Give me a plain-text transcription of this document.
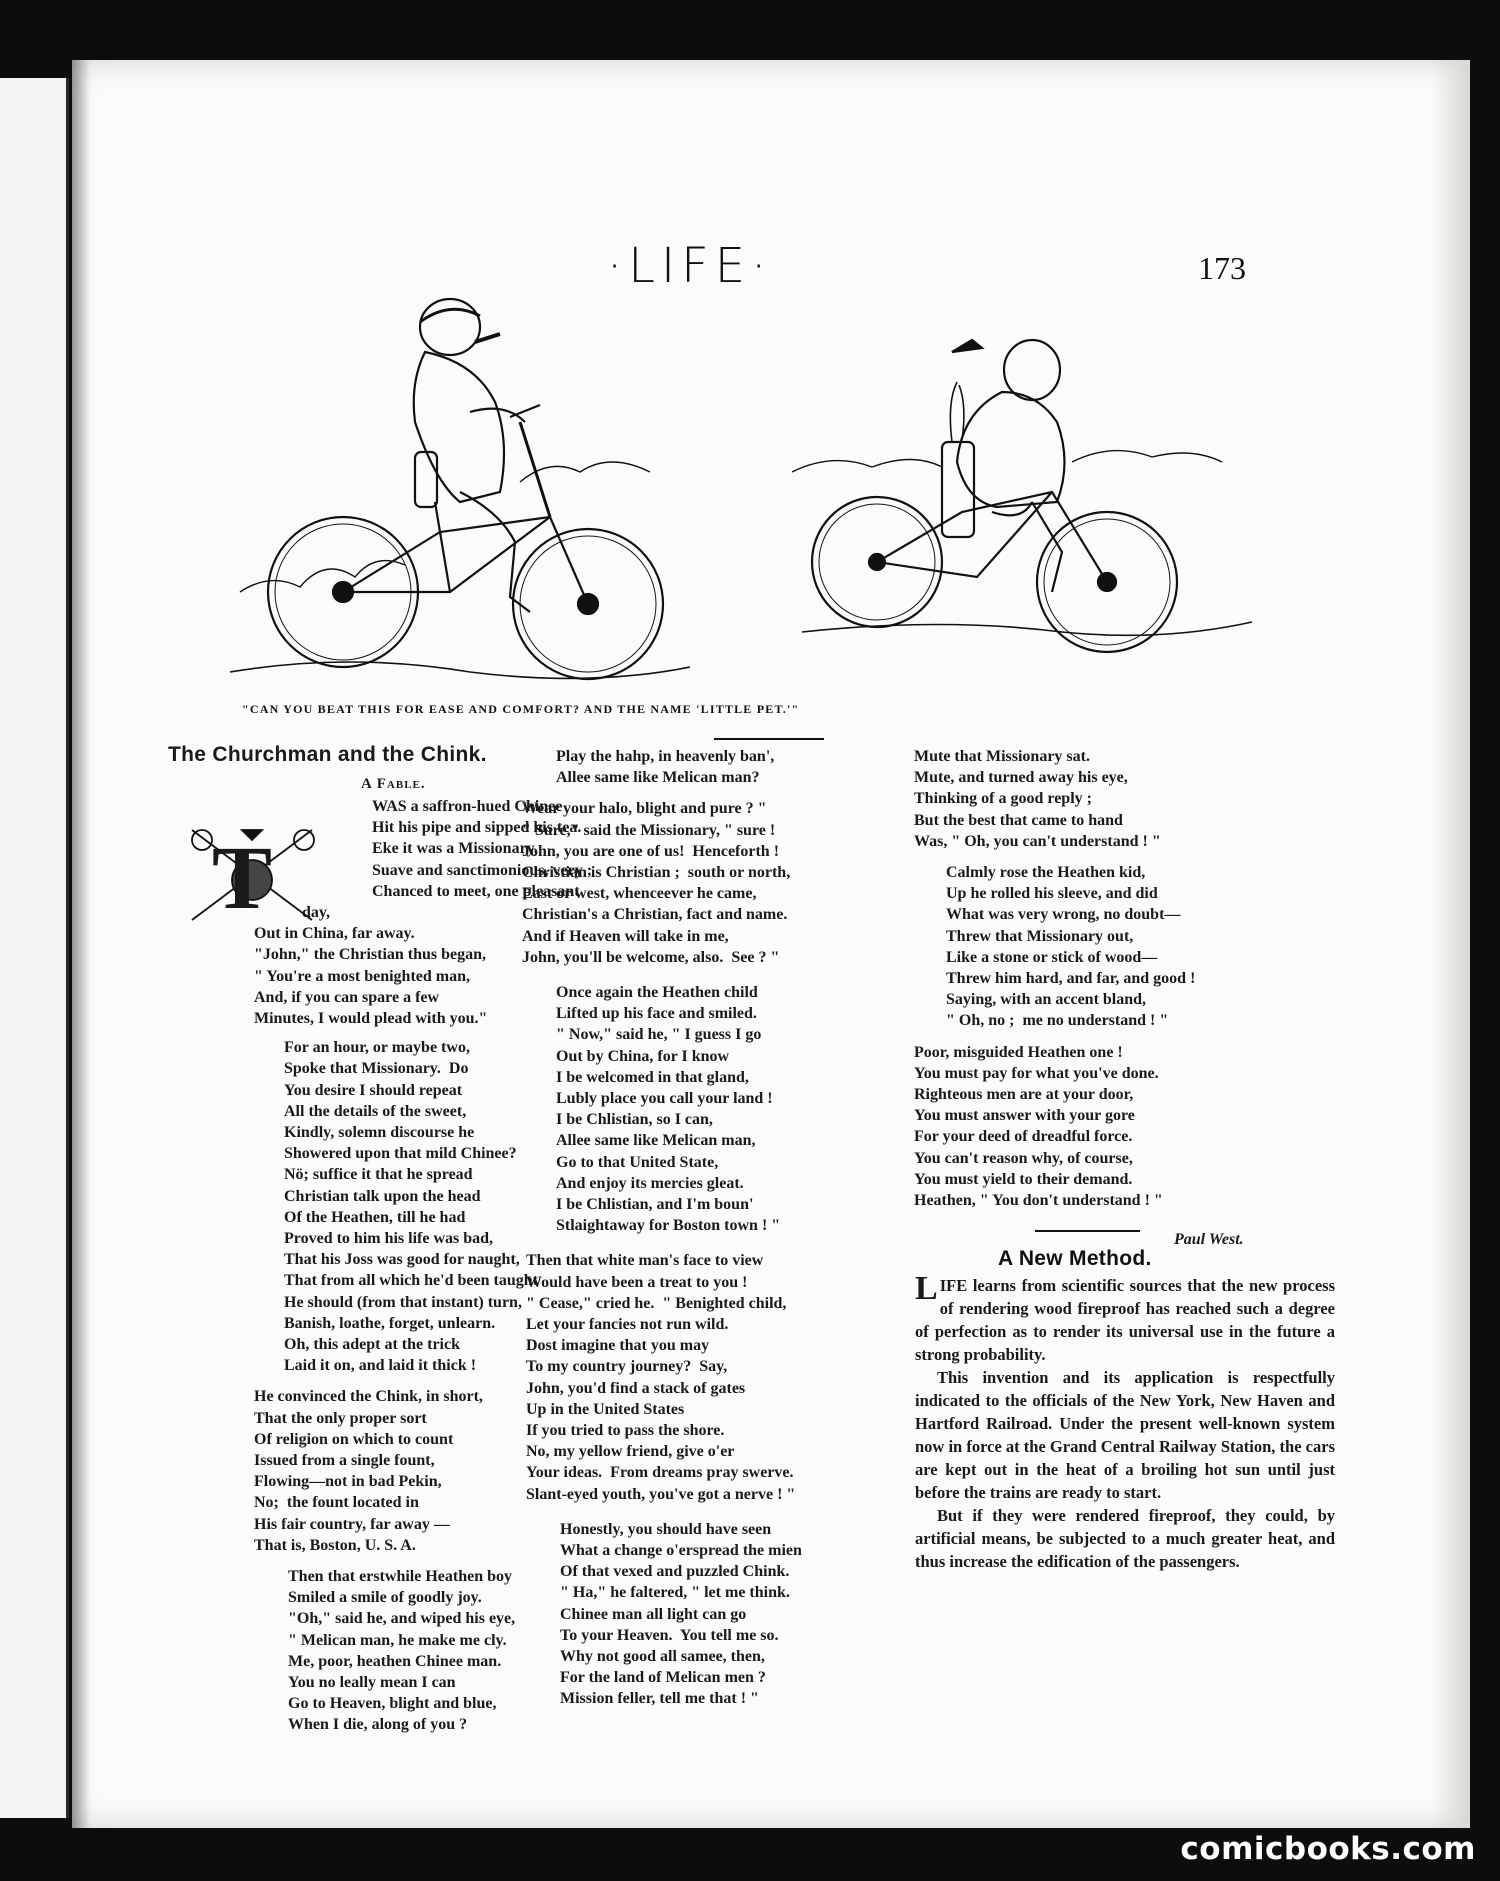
·LIFE·	173
"CAN YOU BEAT THIS FOR EASE AND COMFORT? AND THE NAME 'LITTLE PET.'"

The Churchman and the Chink.

A Fable.

T

WAS a saffron-hued Chinee
Hit his pipe and sipped his tea.
Eke it was a Missionary,
Suave and sanctimonious, very ;
Chanced to meet, one pleasant
day,
Out in China, far away.
"John," the Christian thus began,
" You're a most benighted man,
And, if you can spare a few
Minutes, I would plead with you."
For an hour, or maybe two,
Spoke that Missionary.  Do
You desire I should repeat
All the details of the sweet,
Kindly, solemn discourse he
Showered upon that mild Chinee?
Nö; suffice it that he spread
Christian talk upon the head
Of the Heathen, till he had
Proved to him his life was bad,
That his Joss was good for naught,
That from all which he'd been taught
He should (from that instant) turn,
Banish, loathe, forget, unlearn.
Oh, this adept at the trick
Laid it on, and laid it thick !
He convinced the Chink, in short,
That the only proper sort
Of religion on which to count
Issued from a single fount,
Flowing—not in bad Pekin,
No;  the fount located in
His fair country, far away —
That is, Boston, U. S. A.
Then that erstwhile Heathen boy
Smiled a smile of goodly joy.
"Oh," said he, and wiped his eye,
" Melican man, he make me cly.
Me, poor, heathen Chinee man.
You no leally mean I can
Go to Heaven, blight and blue,
When I die, along of you ?

Play the hahp, in heavenly ban',
Allee same like Melican man?
Wear your halo, blight and pure ? "
" Sure," said the Missionary, " sure !
John, you are one of us!  Henceforth !
Christian is Christian ;  south or north,
East or west, whenceever he came,
Christian's a Christian, fact and name.
And if Heaven will take in me,
John, you'll be welcome, also.  See ? "
Once again the Heathen child
Lifted up his face and smiled.
" Now," said he, " I guess I go
Out by China, for I know
I be welcomed in that gland,
Lubly place you call your land !
I be Chlistian, so I can,
Allee same like Melican man,
Go to that United State,
And enjoy its mercies gleat.
I be Chlistian, and I'm boun'
Stlaightaway for Boston town ! "
Then that white man's face to view
Would have been a treat to you !
" Cease," cried he.  " Benighted child,
Let your fancies not run wild.
Dost imagine that you may
To my country journey?  Say,
John, you'd find a stack of gates
Up in the United States
If you tried to pass the shore.
No, my yellow friend, give o'er
Your ideas.  From dreams pray swerve.
Slant-eyed youth, you've got a nerve ! "
Honestly, you should have seen
What a change o'erspread the mien
Of that vexed and puzzled Chink.
" Ha," he faltered, " let me think.
Chinee man all light can go
To your Heaven.  You tell me so.
Why not good all samee, then,
For the land of Melican men ?
Mission feller, tell me that ! "

Mute that Missionary sat.
Mute, and turned away his eye,
Thinking of a good reply ;
But the best that came to hand
Was, " Oh, you can't understand ! "
Calmly rose the Heathen kid,
Up he rolled his sleeve, and did
What was very wrong, no doubt—
Threw that Missionary out,
Like a stone or stick of wood—
Threw him hard, and far, and good !
Saying, with an accent bland,
" Oh, no ;  me no understand ! "
Poor, misguided Heathen one !
You must pay for what you've done.
Righteous men are at your door,
You must answer with your gore
For your deed of dreadful force.
You can't reason why, of course,
You must yield to their demand.
Heathen, " You don't understand ! "

Paul West.

A New Method.

LIFE learns from scientific sources that the new process of rendering wood fireproof has reached such a degree of perfection as to render its universal use in the future a strong probability.

This invention and its application is respectfully indicated to the officials of the New York, New Haven and Hartford Railroad. Under the present well-known system now in force at the Grand Central Railway Station, the cars are kept out in the heat of a broiling hot sun until just before the trains are ready to start.

But if they were rendered fireproof, they could, by artificial means, be subjected to a much greater heat, and thus increase the edification of the passengers.

comicbooks.com
